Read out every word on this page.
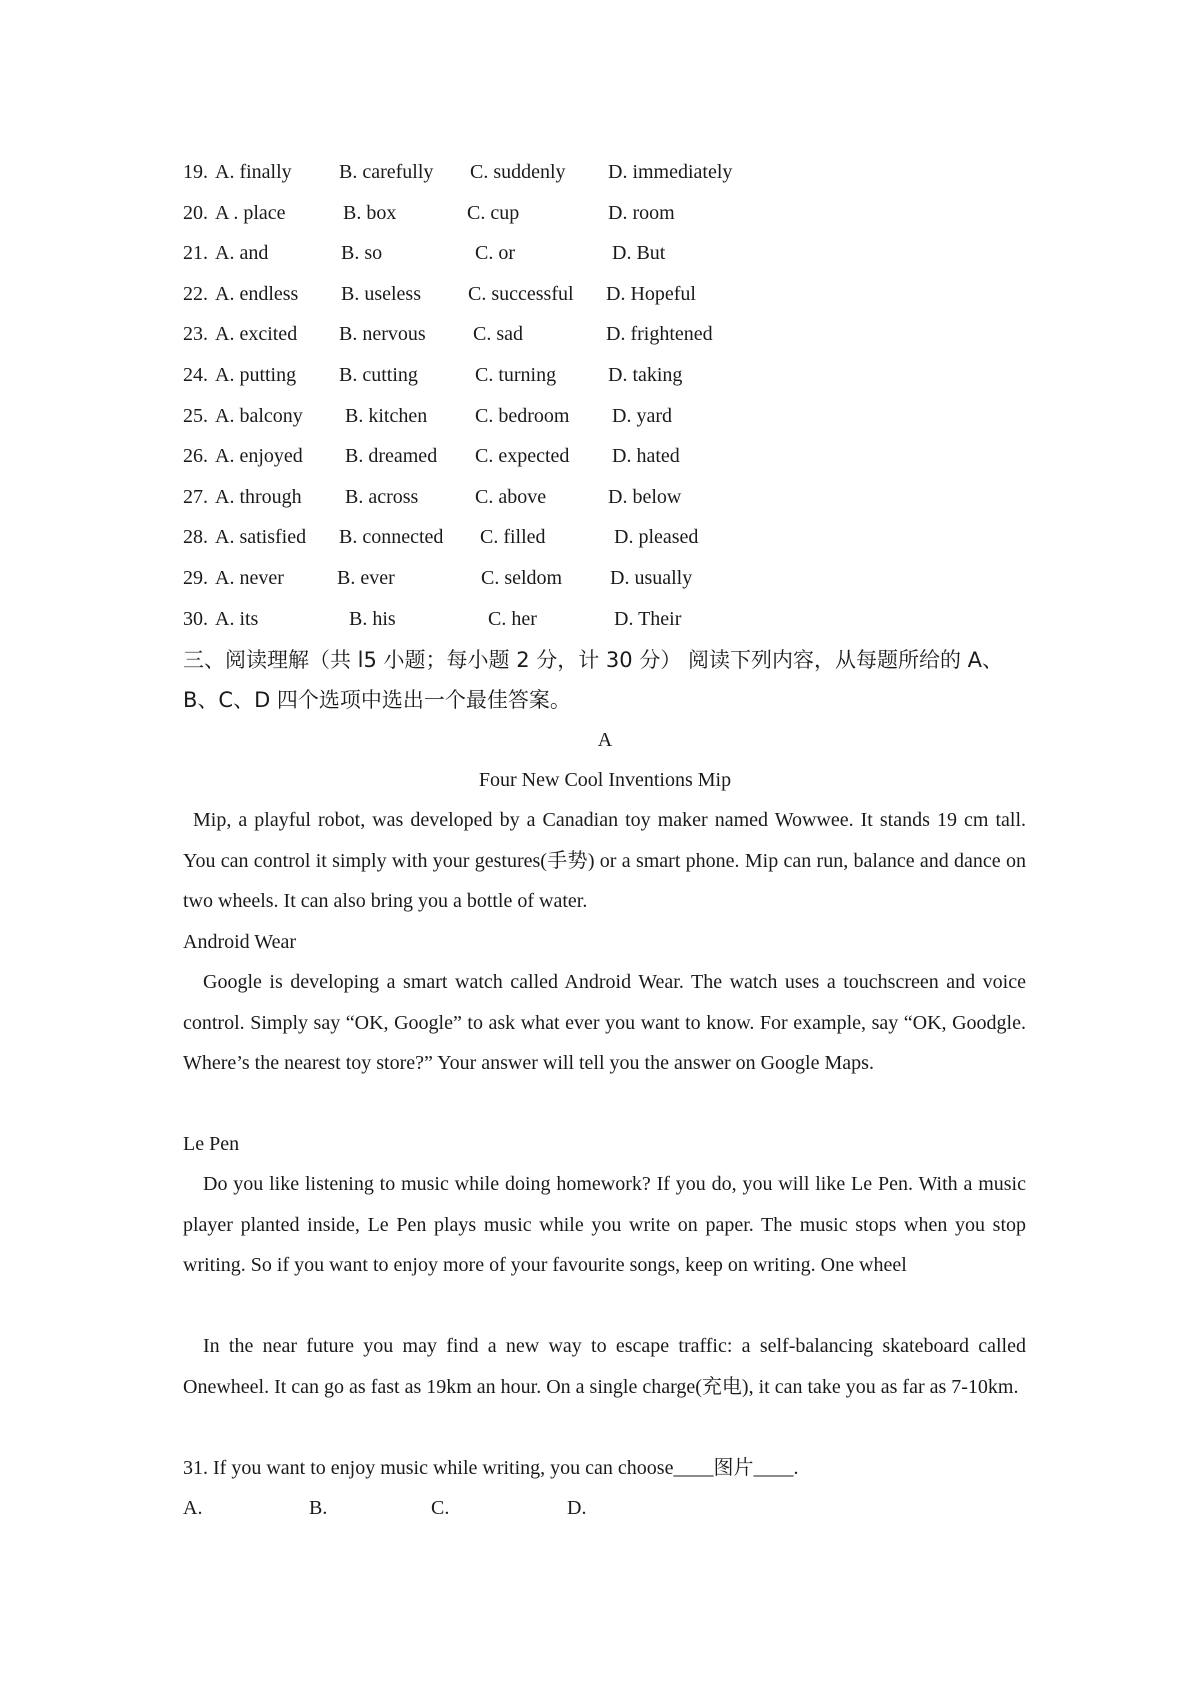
19. A. finally B. carefully C. suddenly D. immediately
20. A . place	B. box	C. cup	D. room
21. A. and	B. so	C. or	D. But
22. A. endless B. useless C. successful D. Hopeful
23. A. excited B. nervous C. sad	D. frightened
24. A. putting B. cutting	C. turning	D. taking
25. A. balcony B. kitchen C. bedroom D. yard
26. A. enjoyed B. dreamed C. expected D. hated
27. A. through B. across	C. above	D. below
28. A. satisfied B. connected C. filled	D. pleased
29. A. never	B. ever	C. seldom D. usually
30. A. its	B. his	C. her	D. Their
三、阅读理解（共 l5 小题；每小题 2 分，计 30 分） 阅读下列内容，从每题所给的 A、
B、C、D 四个选项中选出一个最佳答案。
A
Four New Cool Inventions Mip
Mip, a playful robot, was developed by a Canadian toy maker named Wowwee. It stands 19 cm tall. You can control it simply with your gestures(手势) or a smart phone. Mip can run, balance and dance on two wheels. It can also bring you a bottle of water.
Android Wear
Google is developing a smart watch called Android Wear. The watch uses a touchscreen and voice control. Simply say “OK, Google” to ask what ever you want to know. For example, say “OK, Goodgle. Where’s the nearest toy store?” Your answer will tell you the answer on Google Maps.
Le Pen
Do you like listening to music while doing homework? If you do, you will like Le Pen. With a music player planted inside, Le Pen plays music while you write on paper. The music stops when you stop writing. So if you want to enjoy more of your favourite songs, keep on writing. One wheel
In the near future you may find a new way to escape traffic: a self-balancing skateboard called Onewheel. It can go as fast as 19km an hour. On a single charge(充电), it can take you as far as 7-10km.
31. If you want to enjoy music while writing, you can choose____图片____.
A.	B.	C.	D.
